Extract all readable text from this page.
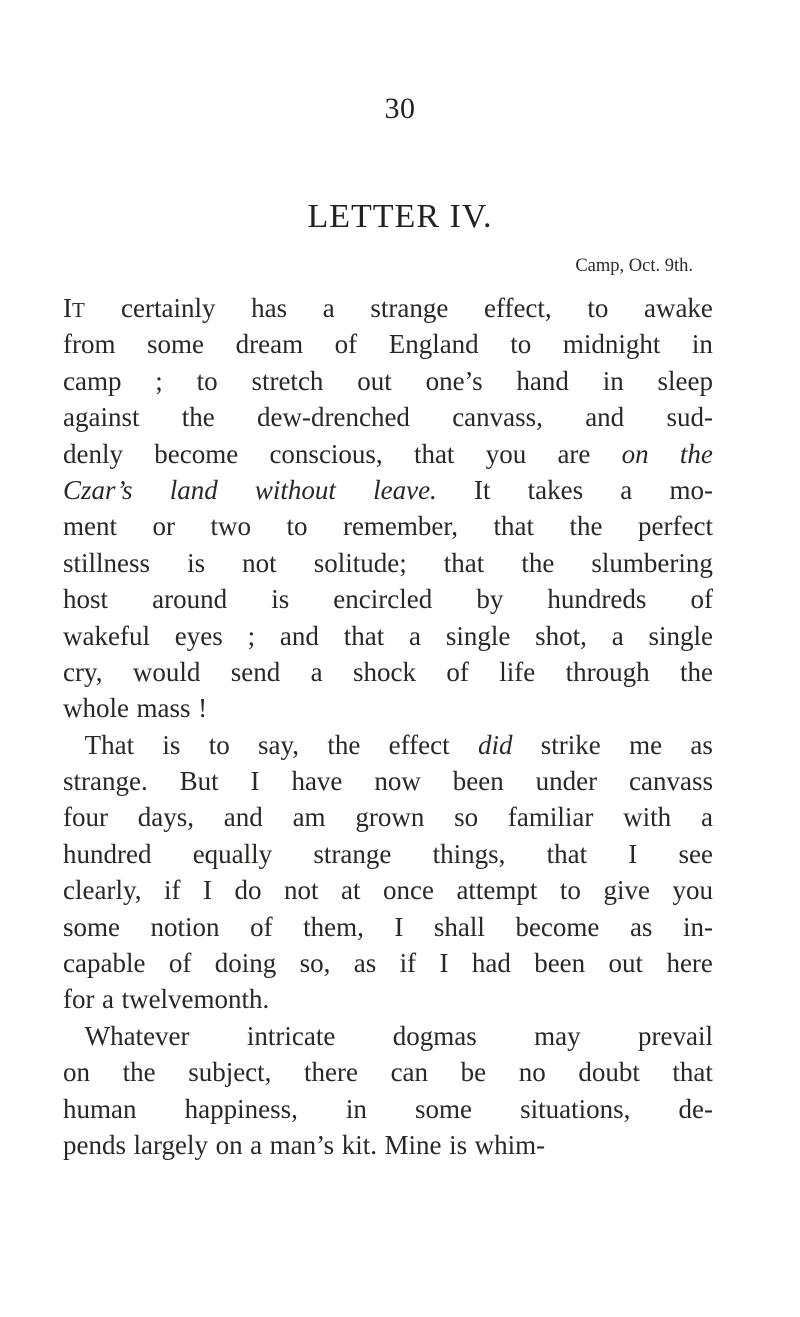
30
LETTER IV.
Camp, Oct. 9th.
IT certainly has a strange effect, to awake
from some dream of England to midnight in
camp ; to stretch out one’s hand in sleep
against the dew-drenched canvass, and sud-
denly become conscious, that you are on the
Czar’s land without leave. It takes a mo-
ment or two to remember, that the perfect
stillness is not solitude; that the slumbering
host around is encircled by hundreds of
wakeful eyes ; and that a single shot, a single
cry, would send a shock of life through the
whole mass !
That is to say, the effect did strike me as
strange. But I have now been under canvass
four days, and am grown so familiar with a
hundred equally strange things, that I see
clearly, if I do not at once attempt to give you
some notion of them, I shall become as in-
capable of doing so, as if I had been out here
for a twelvemonth.
Whatever intricate dogmas may prevail
on the subject, there can be no doubt that
human happiness, in some situations, de-
pends largely on a man’s kit. Mine is whim-
